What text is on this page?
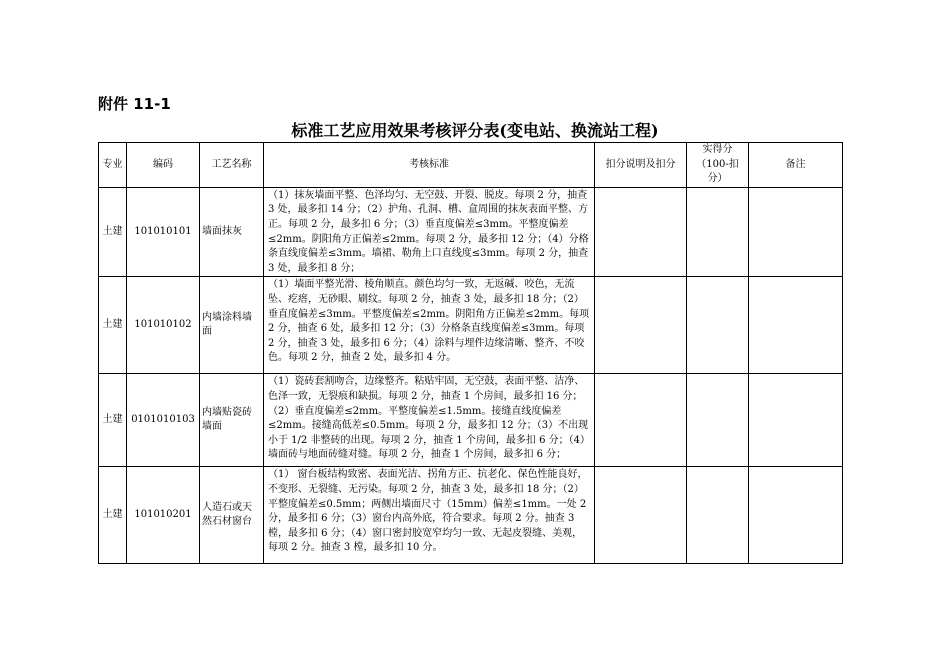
附件 11-1
标准工艺应用效果考核评分表(变电站、换流站工程)
专业	编码	工艺名称	考核标准	扣分说明及扣分	实得分（100-扣分）	备注
土建	101010101	墙面抹灰	（1）抹灰墙面平整、色泽均匀、无空鼓、开裂、脱皮。每项 2 分，抽查 3 处，最多扣 14 分；（2）护角、孔洞、槽、盒周围的抹灰表面平整、方正。每项 2 分，最多扣 6 分；（3）垂直度偏差≤3mm。平整度偏差≤2mm。阴阳角方正偏差≤2mm。每项 2 分，最多扣 12 分；（4）分格条直线度偏差≤3mm。墙裙、勒角上口直线度≤3mm。每项 2 分，抽查 3 处，最多扣 8 分；			
土建	101010102	内墙涂料墙面	（1）墙面平整光滑、棱角顺直。颜色均匀一致，无返碱、咬色，无流坠、疙瘩，无砂眼、刷纹。每项 2 分，抽查 3 处，最多扣 18 分；（2）垂直度偏差≤3mm。平整度偏差≤2mm。阴阳角方正偏差≤2mm。每项 2 分，抽查 6 处，最多扣 12 分；（3）分格条直线度偏差≤3mm。每项 2 分，抽查 3 处，最多扣 6 分；（4）涂料与埋件边缘清晰、整齐、不咬色。每项 2 分，抽查 2 处，最多扣 4 分。			
土建	0101010103	内墙贴瓷砖墙面	（1）瓷砖套割吻合，边缘整齐。粘贴牢固，无空鼓，表面平整、洁净、色泽一致，无裂痕和缺损。每项 2 分，抽查 1 个房间，最多扣 16 分；（2）垂直度偏差≤2mm。平整度偏差≤1.5mm。接缝直线度偏差≤2mm。接缝高低差≤0.5mm。每项 2 分，最多扣 12 分；（3）不出现小于 1/2 非整砖的出现。每项 2 分，抽查 1 个房间，最多扣 6 分；（4）墙面砖与地面砖缝对缝。每项 2 分，抽查 1 个房间，最多扣 6 分；			
土建	101010201	人造石或天然石材窗台	（1） 窗台板结构致密、表面光洁、拐角方正、抗老化、保色性能良好，不变形、无裂缝、无污染。每项 2 分，抽查 3 处，最多扣 18 分；（2） 平整度偏差≤0.5mm；两侧出墙面尺寸（15mm）偏差≤1mm。一处 2 分，最多扣 6 分；（3）窗台内高外底，符合要求。每项 2 分。抽查 3 樘，最多扣 6 分；（4）窗口密封胶宽窄均匀一致、无起皮裂缝、美观，每项 2 分。抽查 3 樘，最多扣 10 分。			
